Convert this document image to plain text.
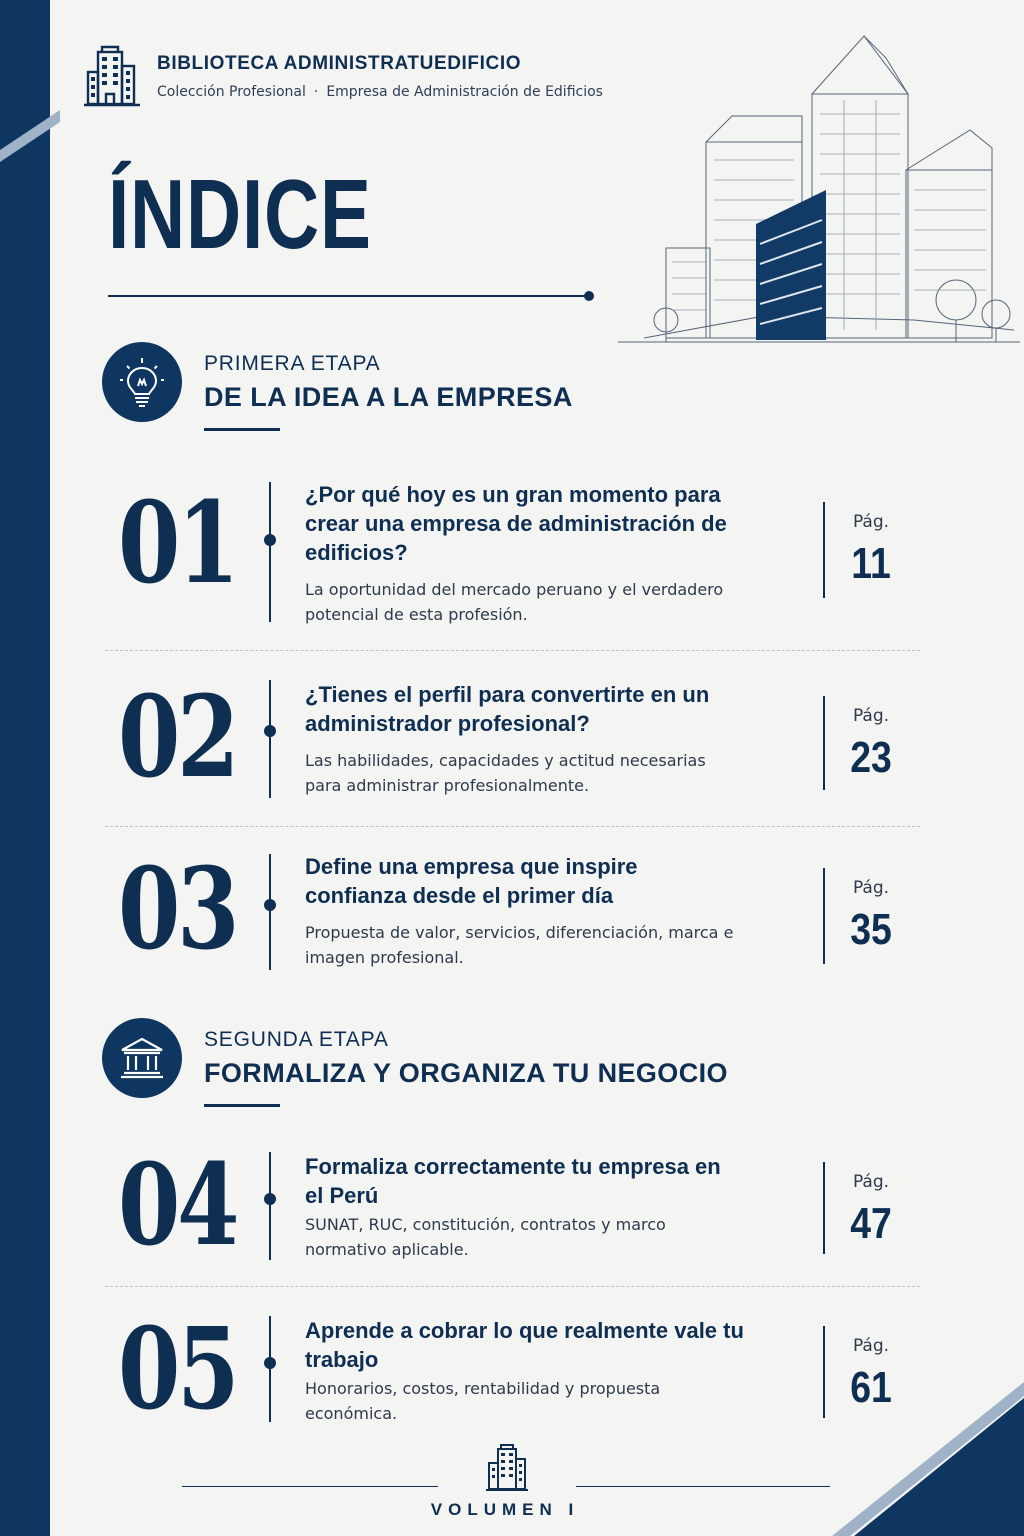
BIBLIOTECA ADMINISTRATUEDIFICIO
Colección Profesional · Empresa de Administración de Edificios
ÍNDICE
PRIMERA ETAPA
DE LA IDEA A LA EMPRESA
01	¿Por qué hoy es un gran momento para crear una empresa de administración de edificios?
La oportunidad del mercado peruano y el verdadero potencial de esta profesión.
Pág.
11
02	¿Tienes el perfil para convertirte en un administrador profesional?
Las habilidades, capacidades y actitud necesarias para administrar profesionalmente.
Pág.
23
03	Define una empresa que inspire confianza desde el primer día
Propuesta de valor, servicios, diferenciación, marca e imagen profesional.
Pág.
35
SEGUNDA ETAPA
FORMALIZA Y ORGANIZA TU NEGOCIO
04	Formaliza correctamente tu empresa en el Perú
SUNAT, RUC, constitución, contratos y marco normativo aplicable.
Pág.
47
05	Aprende a cobrar lo que realmente vale tu trabajo
Honorarios, costos, rentabilidad y propuesta económica.
Pág.
61
VOLUMEN I
